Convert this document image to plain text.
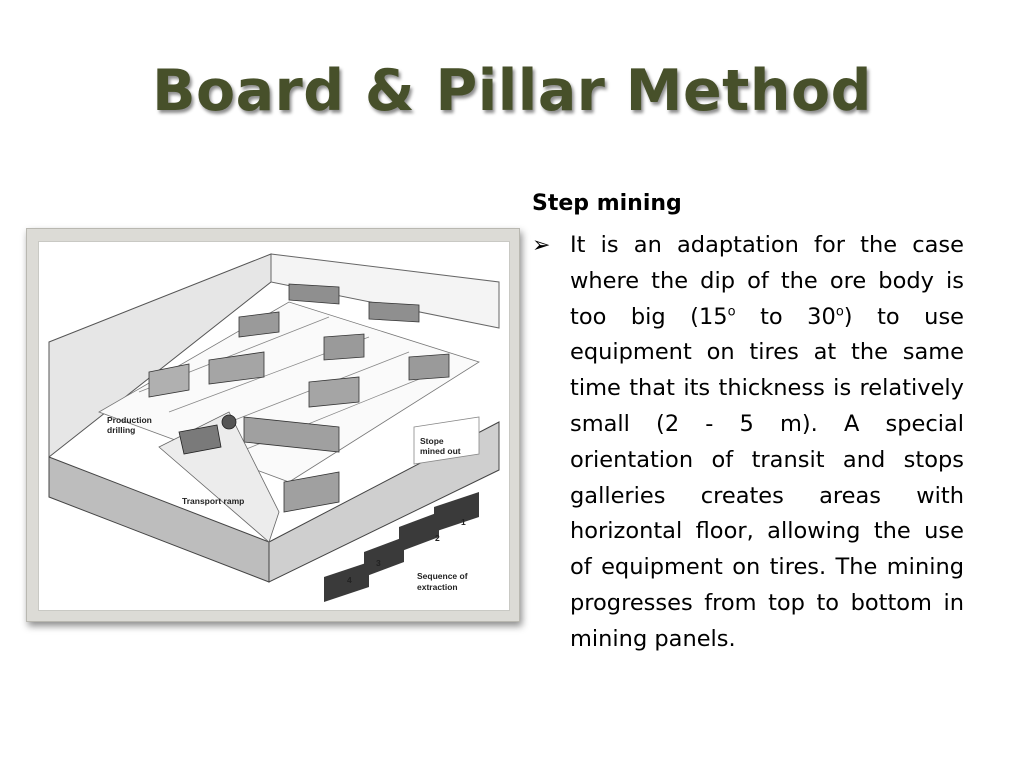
Board & Pillar Method
Production
drilling
Stope
mined out
Transport ramp
Sequence of
extraction
1
2
3
4
Step mining
➢ It is an adaptation for the case where the dip of the ore body is too big (15$^o$ to 30$^o$) to use equipment on tires at the same time that its thickness is relatively small (2 - 5 m). A special orientation of transit and stops galleries creates areas with horizontal floor, allowing the use of equipment on tires. The mining progresses from top to bottom in mining panels.
